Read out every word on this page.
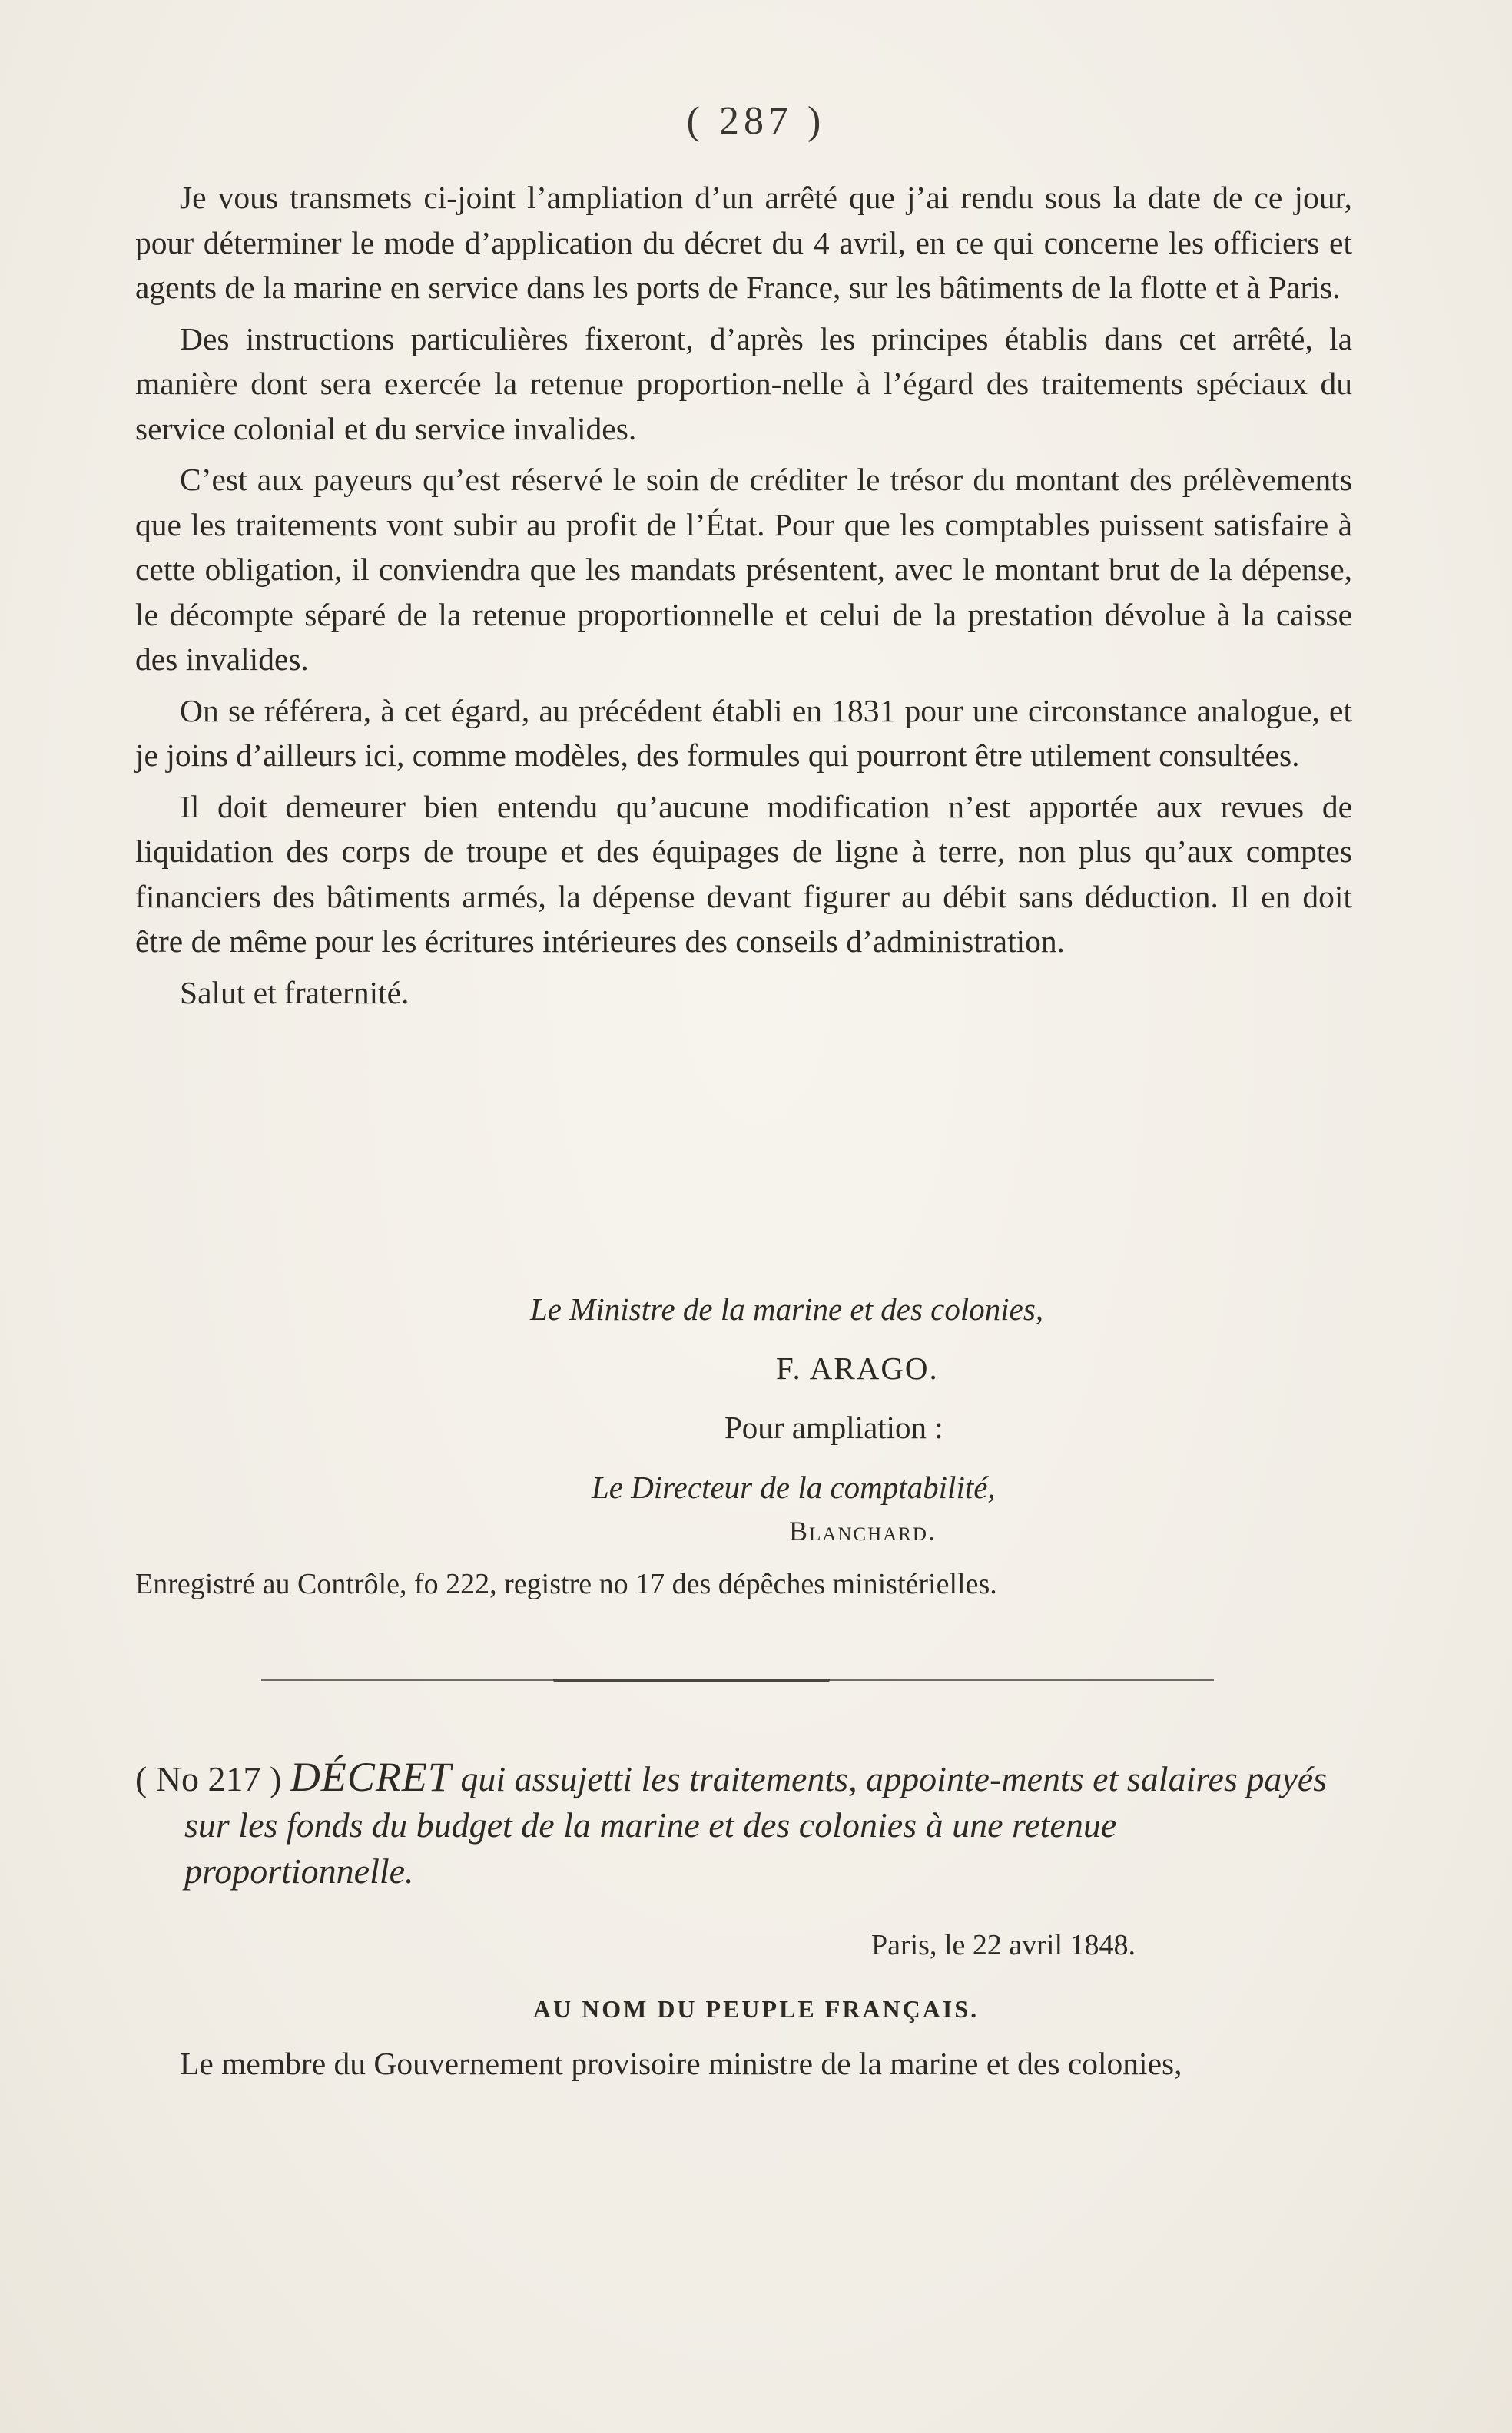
( 287 )

Je vous transmets ci-joint l’ampliation d’un arrêté que j’ai rendu sous la date de ce jour, pour déterminer le mode d’application du décret du 4 avril, en ce qui concerne les officiers et agents de la marine en service dans les ports de France, sur les bâtiments de la flotte et à Paris.

Des instructions particulières fixeront, d’après les principes établis dans cet arrêté, la manière dont sera exercée la retenue proportion-nelle à l’égard des traitements spéciaux du service colonial et du service invalides.

C’est aux payeurs qu’est réservé le soin de créditer le trésor du montant des prélèvements que les traitements vont subir au profit de l’État. Pour que les comptables puissent satisfaire à cette obligation, il conviendra que les mandats présentent, avec le montant brut de la dépense, le décompte séparé de la retenue proportionnelle et celui de la prestation dévolue à la caisse des invalides.

On se référera, à cet égard, au précédent établi en 1831 pour une circonstance analogue, et je joins d’ailleurs ici, comme modèles, des formules qui pourront être utilement consultées.

Il doit demeurer bien entendu qu’aucune modification n’est apportée aux revues de liquidation des corps de troupe et des équipages de ligne à terre, non plus qu’aux comptes financiers des bâtiments armés, la dépense devant figurer au débit sans déduction. Il en doit être de même pour les écritures intérieures des conseils d’administration.

Salut et fraternité.

Le Ministre de la marine et des colonies,
F. ARAGO.
Pour ampliation :
Le Directeur de la comptabilité,
Blanchard.
Enregistré au Contrôle, fo 222, registre no 17 des dépêches ministérielles.
( No 217 ) DÉCRET qui assujetti les traitements, appointe-ments et salaires payés sur les fonds du budget de la marine et des colonies à une retenue proportionnelle.
Paris, le 22 avril 1848.
AU NOM DU PEUPLE FRANÇAIS.

Le membre du Gouvernement provisoire ministre de la marine et des colonies,
